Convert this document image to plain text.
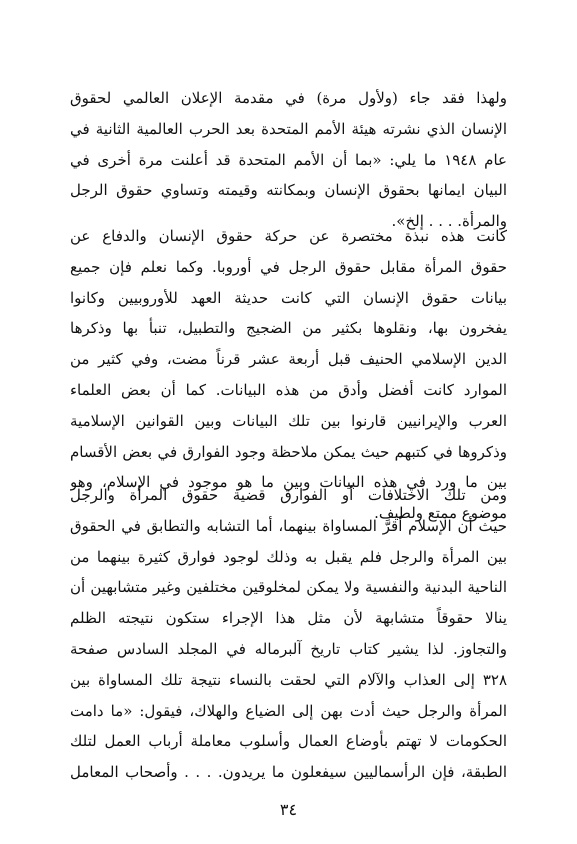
ولهذا فقد جاء (ولأول مرة) في مقدمة الإعلان العالمي لحقوق
الإنسان الذي نشرته هيئة الأمم المتحدة بعد الحرب العالمية الثانية في
عام ١٩٤٨ ما يلي: «بما أن الأمم المتحدة قد أعلنت مرة أخرى في
البيان ايمانها بحقوق الإنسان وبمكانته وقيمته وتساوي حقوق الرجل
والمرأة. . . . إلخ».
كانت هذه نبذة مختصرة عن حركة حقوق الإنسان والدفاع عن
حقوق المرأة مقابل حقوق الرجل في أوروبا. وكما نعلم فإن جميع
بيانات حقوق الإنسان التي كانت حديثة العهد للأوروبيين وكانوا
يفخرون بها، ونقلوها بكثير من الضجيج والتطبيل، تنبأ بها وذكرها
الدين الإسلامي الحنيف قبل أربعة عشر قرناً مضت، وفي كثير من
الموارد كانت أفضل وأدق من هذه البيانات. كما أن بعض العلماء
العرب والإيرانيين قارنوا بين تلك البيانات وبين القوانين الإسلامية
وذكروها في كتبهم حيث يمكن ملاحظة وجود الفوارق في بعض الأقسام
بين ما ورد في هذه البيانات وبين ما هو موجود في الإسلام، وهو
موضوع ممتع ولطيف.
ومن تلك الاختلافات أو الفوارق قضية حقوق المرأة والرجل
حيث أن الإسلام أقرَّ المساواة بينهما، أما التشابه والتطابق في الحقوق
بين المرأة والرجل فلم يقبل به وذلك لوجود فوارق كثيرة بينهما من
الناحية البدنية والنفسية ولا يمكن لمخلوقين مختلفين وغير متشابهين أن
ينالا حقوقاً متشابهة لأن مثل هذا الإجراء ستكون نتيجته الظلم
والتجاوز. لذا يشير كتاب تاريخ آلبرماله في المجلد السادس صفحة
٣٢٨ إلى العذاب والآلام التي لحقت بالنساء نتيجة تلك المساواة بين
المرأة والرجل حيث أدت بهن إلى الضياع والهلاك، فيقول: «ما دامت
الحكومات لا تهتم بأوضاع العمال وأسلوب معاملة أرباب العمل لتلك
الطبقة، فإن الرأسماليين سيفعلون ما يريدون. . . . وأصحاب المعامل
٣٤
